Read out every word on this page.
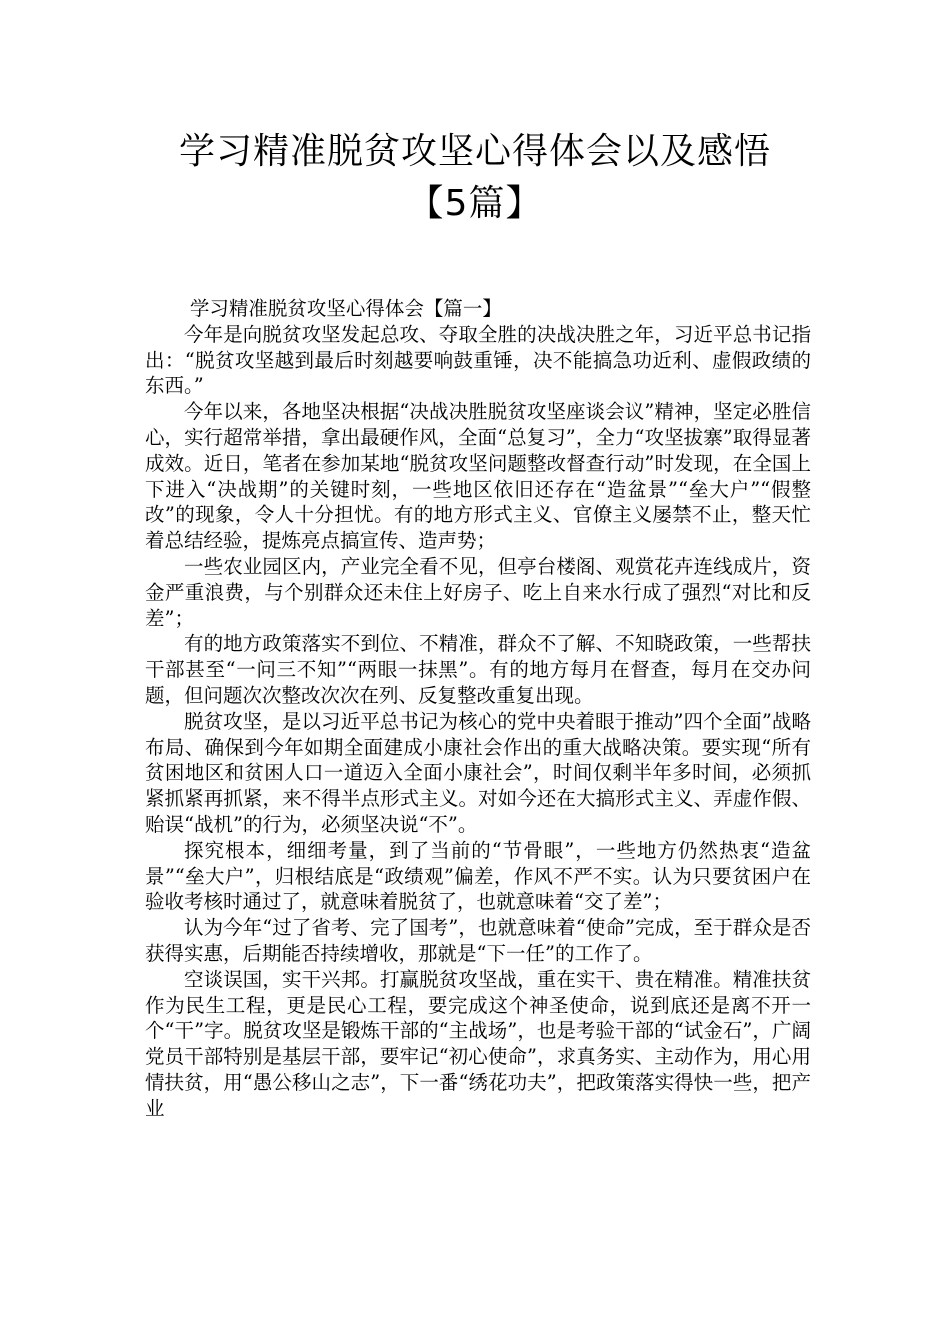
学习精准脱贫攻坚心得体会以及感悟
【5篇】

学习精准脱贫攻坚心得体会【篇一】

今年是向脱贫攻坚发起总攻、夺取全胜的决战决胜之年，习近平总书记指出：“脱贫攻坚越到最后时刻越要响鼓重锤，决不能搞急功近利、虚假政绩的东西。”

今年以来，各地坚决根据“决战决胜脱贫攻坚座谈会议”精神，坚定必胜信心，实行超常举措，拿出最硬作风，全面“总复习”，全力“攻坚拔寨”取得显著成效。近日，笔者在参加某地“脱贫攻坚问题整改督查行动”时发现，在全国上下进入“决战期”的关键时刻，一些地区依旧还存在“造盆景”“垒大户”“假整改”的现象，令人十分担忧。有的地方形式主义、官僚主义屡禁不止，整天忙着总结经验，提炼亮点搞宣传、造声势；

一些农业园区内，产业完全看不见，但亭台楼阁、观赏花卉连线成片，资金严重浪费，与个别群众还未住上好房子、吃上自来水行成了强烈“对比和反差”；

有的地方政策落实不到位、不精准，群众不了解、不知晓政策，一些帮扶干部甚至“一问三不知”“两眼一抹黑”。有的地方每月在督查，每月在交办问题，但问题次次整改次次在列、反复整改重复出现。

脱贫攻坚，是以习近平总书记为核心的党中央着眼于推动”四个全面”战略布局、确保到今年如期全面建成小康社会作出的重大战略决策。要实现“所有贫困地区和贫困人口一道迈入全面小康社会”，时间仅剩半年多时间，必须抓紧抓紧再抓紧，来不得半点形式主义。对如今还在大搞形式主义、弄虚作假、贻误“战机”的行为，必须坚决说“不”。

探究根本，细细考量，到了当前的“节骨眼”，一些地方仍然热衷“造盆景”“垒大户”，归根结底是“政绩观”偏差，作风不严不实。认为只要贫困户在验收考核时通过了，就意味着脱贫了，也就意味着“交了差”；

认为今年“过了省考、完了国考”，也就意味着“使命”完成，至于群众是否获得实惠，后期能否持续增收，那就是“下一任”的工作了。

空谈误国，实干兴邦。打赢脱贫攻坚战，重在实干、贵在精准。精准扶贫作为民生工程，更是民心工程，要完成这个神圣使命，说到底还是离不开一个“干”字。脱贫攻坚是锻炼干部的“主战场”，也是考验干部的“试金石”，广阔党员干部特别是基层干部，要牢记“初心使命”，求真务实、主动作为，用心用情扶贫，用“愚公移山之志”，下一番“绣花功夫”，把政策落实得快一些，把产业
